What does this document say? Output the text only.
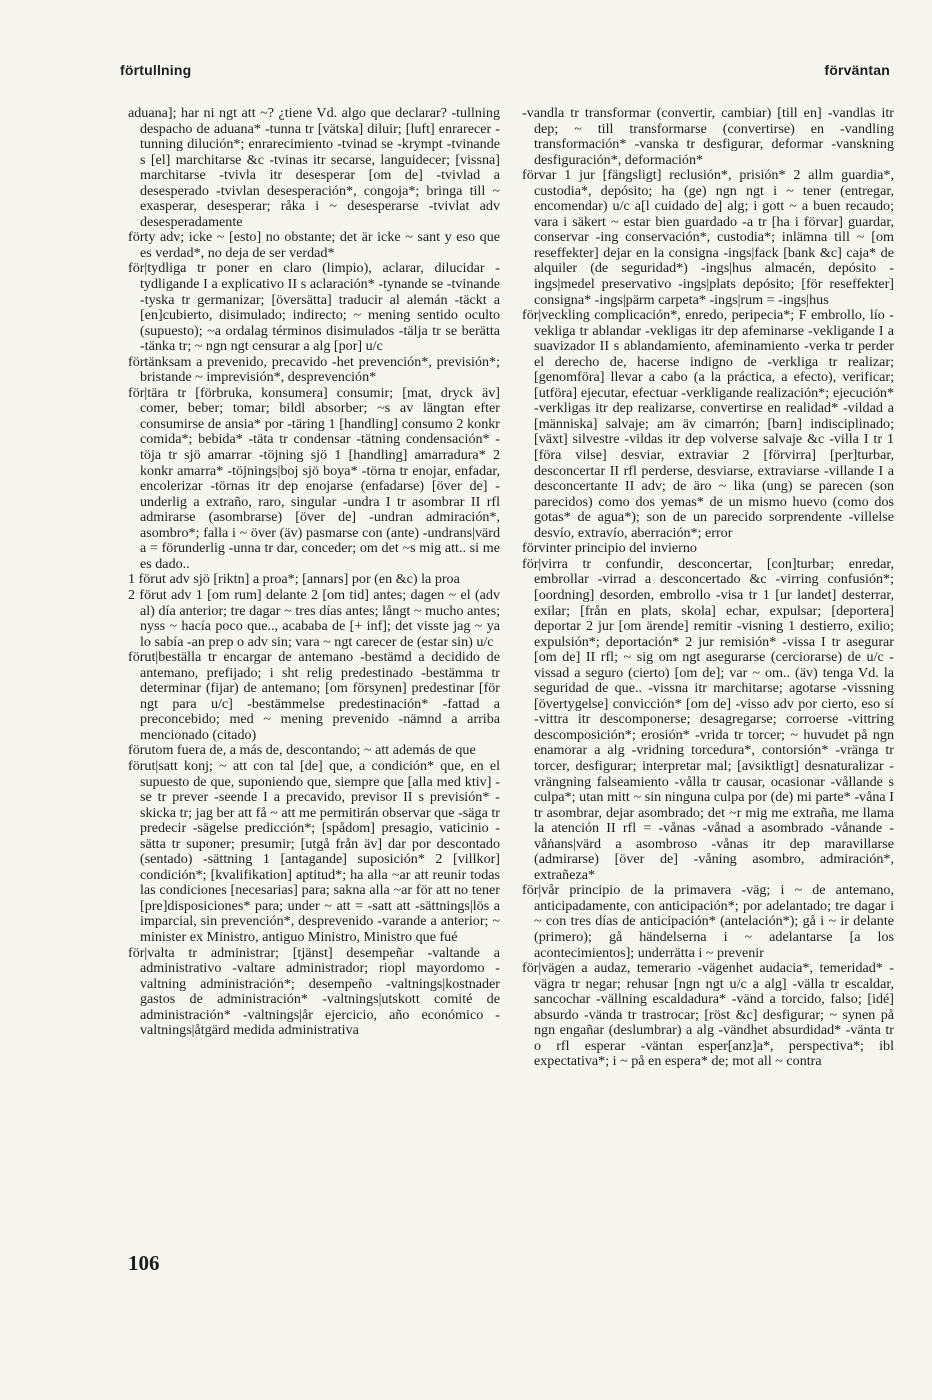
förtullning	förväntan

aduana]; har ni ngt att ~? ¿tiene Vd. algo que declarar? -tullning despacho de aduana* -tunna tr [vätska] diluir; [luft] enrarecer -tunning dilución*; enrarecimiento -tvinad se -krympt -tvinande s [el] marchitarse &c -tvinas itr secarse, languidecer; [vissna] marchitarse -tvivla itr desesperar [om de] -tvivlad a desesperado -tvivlan desesperación*, congoja*; bringa till ~ exasperar, desesperar; råka i ~ desesperarse -tvivlat adv desesperadamente

förty adv; icke ~ [esto] no obstante; det är icke ~ sant y eso que es verdad*, no deja de ser verdad*

för|tydliga tr poner en claro (limpio), aclarar, dilucidar -tydligande I a explicativo II s aclaración* -tynande se -tvinande -tyska tr germanizar; [översätta] traducir al alemán -täckt a [en]cubierto, disimulado; indirecto; ~ mening sentido oculto (supuesto); ~a ordalag términos disimulados -tälja tr se berätta -tänka tr; ~ ngn ngt censurar a alg [por] u/c

förtänksam a prevenido, precavido -het prevención*, previsión*; bristande ~ imprevisión*, desprevención*

för|tära tr [förbruka, konsumera] consumir; [mat, dryck äv] comer, beber; tomar; bildl absorber; ~s av längtan efter consumirse de ansia* por -täring 1 [handling] consumo 2 konkr comida*; bebida* -täta tr condensar -tätning condensación* -töja tr sjö amarrar -töjning sjö 1 [handling] amarradura* 2 konkr amarra* -töjnings|boj sjö boya* -törna tr enojar, enfadar, encolerizar -törnas itr dep enojarse (enfadarse) [över de] -underlig a extraño, raro, singular -undra I tr asombrar II rfl admirarse (asombrarse) [över de] -undran admiración*, asombro*; falla i ~ över (äv) pasmarse con (ante) -undrans|värd a = förunderlig -unna tr dar, conceder; om det ~s mig att.. si me es dado..

1 förut adv sjö [riktn] a proa*; [annars] por (en &c) la proa

2 förut adv 1 [om rum] delante 2 [om tid] antes; dagen ~ el (adv al) día anterior; tre dagar ~ tres días antes; långt ~ mucho antes; nyss ~ hacía poco que.., acababa de [+ inf]; det visste jag ~ ya lo sabía -an prep o adv sin; vara ~ ngt carecer de (estar sin) u/c

förut|beställa tr encargar de antemano -bestämd a decidido de antemano, prefijado; i sht relig predestinado -bestämma tr determinar (fijar) de antemano; [om försynen] predestinar [för ngt para u/c] -bestämmelse predestinación* -fattad a preconcebido; med ~ mening prevenido -nämnd a arriba mencionado (citado)

förutom fuera de, a más de, descontando; ~ att además de que

förut|satt konj; ~ att con tal [de] que, a condición* que, en el supuesto de que, suponiendo que, siempre que [alla med ktiv] -se tr prever -seende I a precavido, previsor II s previsión* -skicka tr; jag ber att få ~ att me permitirán observar que -säga tr predecir -sägelse predicción*; [spådom] presagio, vaticinio -sätta tr suponer; presumir; [utgå från äv] dar por descontado (sentado) -sättning 1 [antagande] suposición* 2 [villkor] condición*; [kvalifikation] aptitud*; ha alla ~ar att reunir todas las condiciones [necesarias] para; sakna alla ~ar för att no tener [pre]disposiciones* para; under ~ att = -satt att -sättnings|lös a imparcial, sin prevención*, desprevenido -varande a anterior; ~ minister ex Ministro, antiguo Ministro, Ministro que fué

för|valta tr administrar; [tjänst] desempeñar -valtande a administrativo -valtare administrador; riopl mayordomo -valtning administración*; desempeño -valtnings|kostnader gastos de administración* -valtnings|utskott comité de administración* -valtnings|år ejercicio, año económico -valtnings|åtgärd medida administrativa

-vandla tr transformar (convertir, cambiar) [till en] -vandlas itr dep; ~ till transformarse (convertirse) en -vandling transformación* -vanska tr desfigurar, deformar -vanskning desfiguración*, deformación*

förvar 1 jur [fängsligt] reclusión*, prisión* 2 allm guardia*, custodia*, depósito; ha (ge) ngn ngt i ~ tener (entregar, encomendar) u/c a[l cuidado de] alg; i gott ~ a buen recaudo; vara i säkert ~ estar bien guardado -a tr [ha i förvar] guardar, conservar -ing conservación*, custodia*; inlämna till ~ [om reseffekter] dejar en la consigna -ings|fack [bank &c] caja* de alquiler (de seguridad*) -ings|hus almacén, depósito -ings|medel preservativo -ings|plats depósito; [för reseffekter] consigna* -ings|pärm carpeta* -ings|rum = -ings|hus

för|veckling complicación*, enredo, peripecia*; F embrollo, lío -vekliga tr ablandar -vekligas itr dep afeminarse -vekligande I a suavizador II s ablandamiento, afeminamiento -verka tr perder el derecho de, hacerse indigno de -verkliga tr realizar; [genomföra] llevar a cabo (a la práctica, a efecto), verificar; [utföra] ejecutar, efectuar -verkligande realización*; ejecución* -verkligas itr dep realizarse, convertirse en realidad* -vildad a [människa] salvaje; am äv cimarrón; [barn] indisciplinado; [växt] silvestre -vildas itr dep volverse salvaje &c -villa I tr 1 [föra vilse] desviar, extraviar 2 [förvirra] [per]turbar, desconcertar II rfl perderse, desviarse, extraviarse -villande I a desconcertante II adv; de äro ~ lika (ung) se parecen (son parecidos) como dos yemas* de un mismo huevo (como dos gotas* de agua*); son de un parecido sorprendente -villelse desvío, extravío, aberración*; error

förvinter principio del invierno

för|virra tr confundir, desconcertar, [con]turbar; enredar, embrollar -virrad a desconcertado &c -virring confusión*; [oordning] desorden, embrollo -visa tr 1 [ur landet] desterrar, exilar; [från en plats, skola] echar, expulsar; [deportera] deportar 2 jur [om ärende] remitir -visning 1 destierro, exilio; expulsión*; deportación* 2 jur remisión* -vissa I tr asegurar [om de] II rfl; ~ sig om ngt asegurarse (cerciorarse) de u/c -vissad a seguro (cierto) [om de]; var ~ om.. (äv) tenga Vd. la seguridad de que.. -vissna itr marchitarse; agotarse -vissning [övertygelse] convicción* [om de] -visso adv por cierto, eso sí -vittra itr descomponerse; desagregarse; corroerse -vittring descomposición*; erosión* -vrida tr torcer; ~ huvudet på ngn enamorar a alg -vridning torcedura*, contorsión* -vränga tr torcer, desfigurar; interpretar mal; [avsiktligt] desnaturalizar -vrängning falseamiento -vålla tr causar, ocasionar -vållande s culpa*; utan mitt ~ sin ninguna culpa por (de) mi parte* -våna I tr asombrar, dejar asombrado; det ~r mig me extraña, me llama la atención II rfl = -vånas -vånad a asombrado -vånande -våṅans|värd a asombroso -vånas itr dep maravillarse (admirarse) [över de] -våning asombro, admiración*, extrañeza*

för|vår principio de la primavera -väg; i ~ de antemano, anticipadamente, con anticipación*; por adelantado; tre dagar i ~ con tres días de anticipación* (antelación*); gå i ~ ir delante (primero); gå händelserna i ~ adelantarse [a los acontecimientos]; underrätta i ~ prevenir

för|vägen a audaz, temerario -vägenhet audacia*, temeridad* -vägra tr negar; rehusar [ngn ngt u/c a alg] -välla tr escaldar, sancochar -vällning escaldadura* -vänd a torcido, falso; [idé] absurdo -vända tr trastrocar; [röst &c] desfigurar; ~ synen på ngn engañar (deslumbrar) a alg -vändhet absurdidad* -vänta tr o rfl esperar -väntan esper[anz]a*, perspectiva*; ibl expectativa*; i ~ på en espera* de; mot all ~ contra

106
